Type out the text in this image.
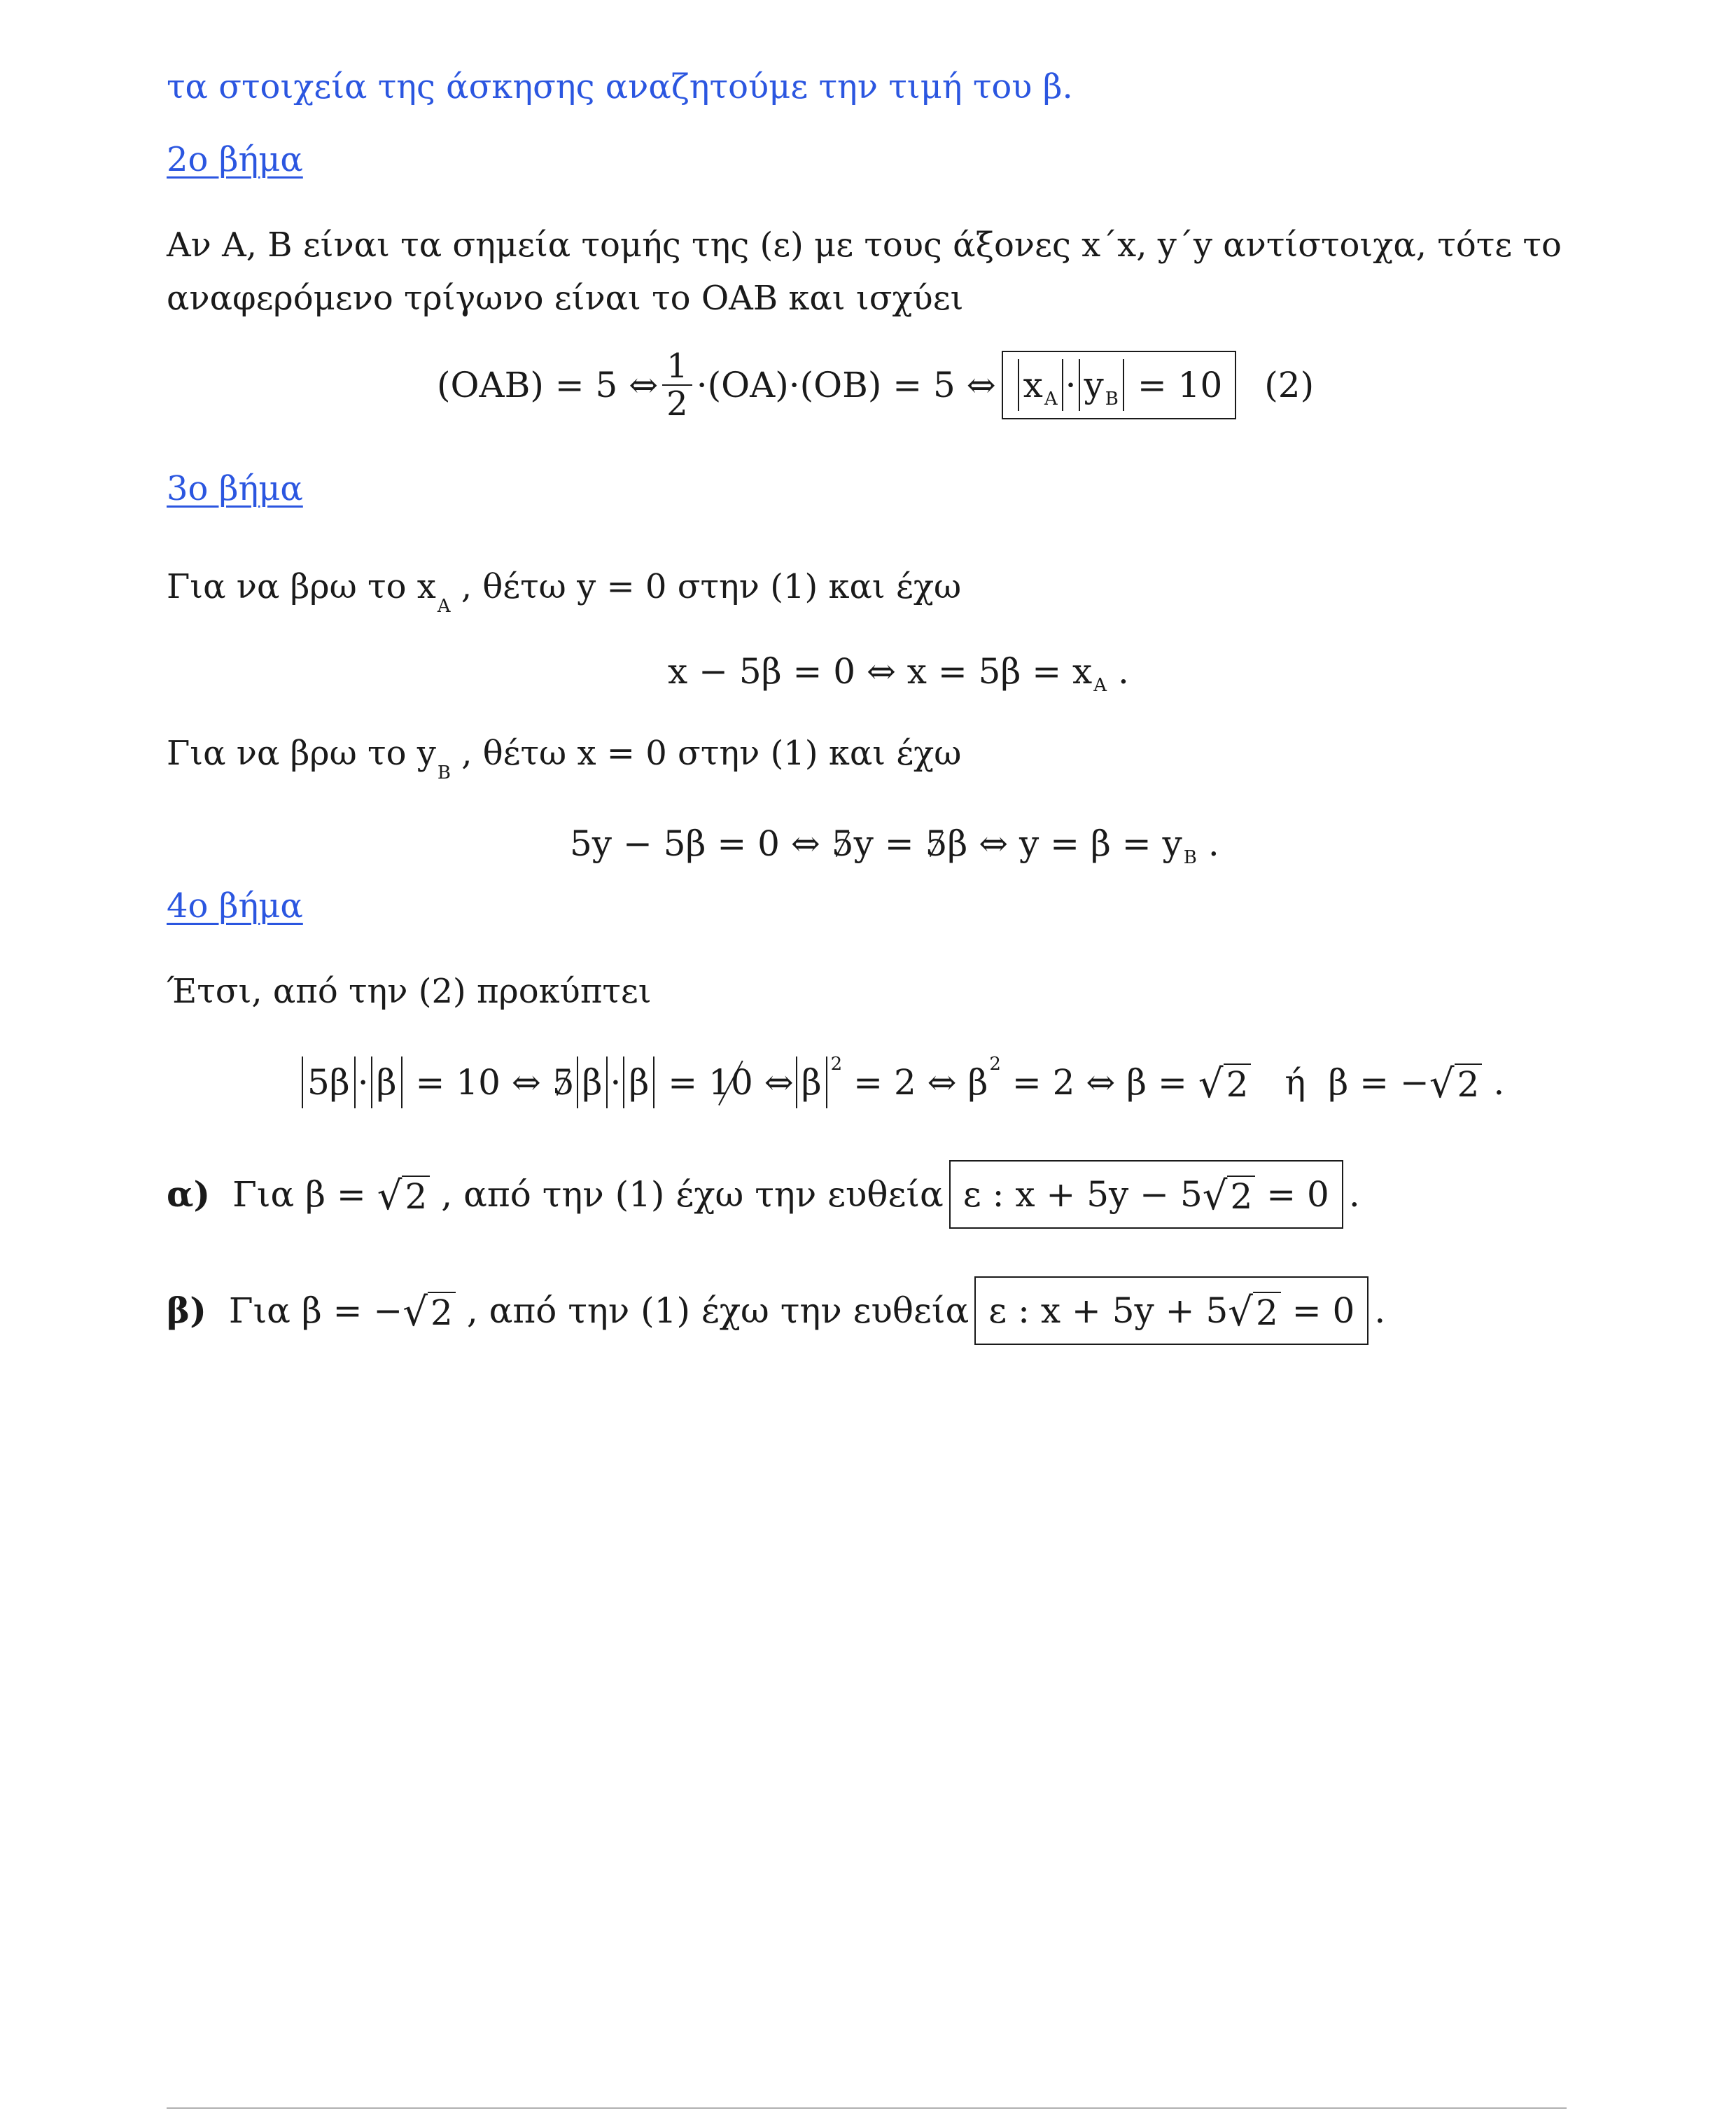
τα στοιχεία της άσκησης αναζητούμε την τιμή του β.
2ο βήμα
Αν Α, Β είναι τα σημεία τομής της (ε) με τους άξονες x΄x, y΄y αντίστοιχα, τότε το
αναφερόμενο τρίγωνο είναι το ΟΑΒ και ισχύει
(ΟΑΒ) = 5 ⇔ $\frac{1}{2} \cdot(OA)\cdot(OB) = 5$ ⇔ x A · y B = 10 (2)
3ο βήμα
Για να βρω το $x_A$ , θέτω y = 0 στην (1) και έχω
x − 5β = 0 ⇔ x = 5β = x A .
Για να βρω το $y_B$ , θέτω x = 0 στην (1) και έχω
5y − 5β = 0 ⇔ 5 y = 5 β ⇔ y = β = y B .
4ο βήμα
Έτσι, από την (2) προκύπτει
5β · β = 10 ⇔ 5 β · β = 10 ⇔ β 2 = 2 ⇔ β 2 = 2 ⇔ β = √ 2 ή β = − √ 2 .
α) Για β = √ 2 , από την (1) έχω την ευθεία ε : x + 5y − 5 √ 2 = 0 .
β) Για β = − √ 2 , από την (1) έχω την ευθεία ε : x + 5y + 5 √ 2 = 0 .
